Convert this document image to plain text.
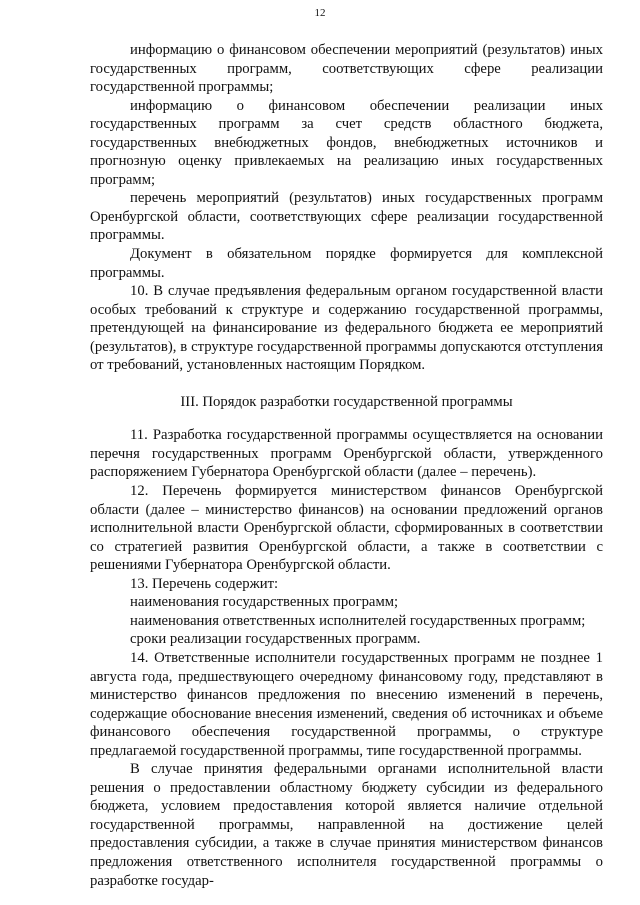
12

информацию о финансовом обеспечении мероприятий (результатов) иных государственных программ, соответствующих сфере реализации государственной программы;

информацию о финансовом обеспечении реализации иных государственных программ за счет средств областного бюджета, государственных внебюджетных фондов, внебюджетных источников и прогнозную оценку привлекаемых на реализацию иных государственных программ;

перечень мероприятий (результатов) иных государственных программ Оренбургской области, соответствующих сфере реализации государственной программы.

Документ в обязательном порядке формируется для комплексной программы.

10. В случае предъявления федеральным органом государственной власти особых требований к структуре и содержанию государственной программы, претендующей на финансирование из федерального бюджета ее мероприятий (результатов), в структуре государственной программы допускаются отступления от требований, установленных настоящим Порядком.

III. Порядок разработки государственной программы

11. Разработка государственной программы осуществляется на основании перечня государственных программ Оренбургской области, утвержденного распоряжением Губернатора Оренбургской области (далее – перечень).

12. Перечень формируется министерством финансов Оренбургской области (далее – министерство финансов) на основании предложений органов исполнительной власти Оренбургской области, сформированных в соответствии со стратегией развития Оренбургской области, а также в соответствии с решениями Губернатора Оренбургской области.

13. Перечень содержит:

наименования государственных программ;

наименования ответственных исполнителей государственных программ;

сроки реализации государственных программ.

14. Ответственные исполнители государственных программ не позднее 1 августа года, предшествующего очередному финансовому году, представляют в министерство финансов предложения по внесению изменений в перечень, содержащие обоснование внесения изменений, сведения об источниках и объеме финансового обеспечения государственной программы, о структуре предлагаемой государственной программы, типе государственной программы.

В случае принятия федеральными органами исполнительной власти решения о предоставлении областному бюджету субсидии из федерального бюджета, условием предоставления которой является наличие отдельной государственной программы, направленной на достижение целей предоставления субсидии, а также в случае принятия министерством финансов предложения ответственного исполнителя государственной программы о разработке государ-
